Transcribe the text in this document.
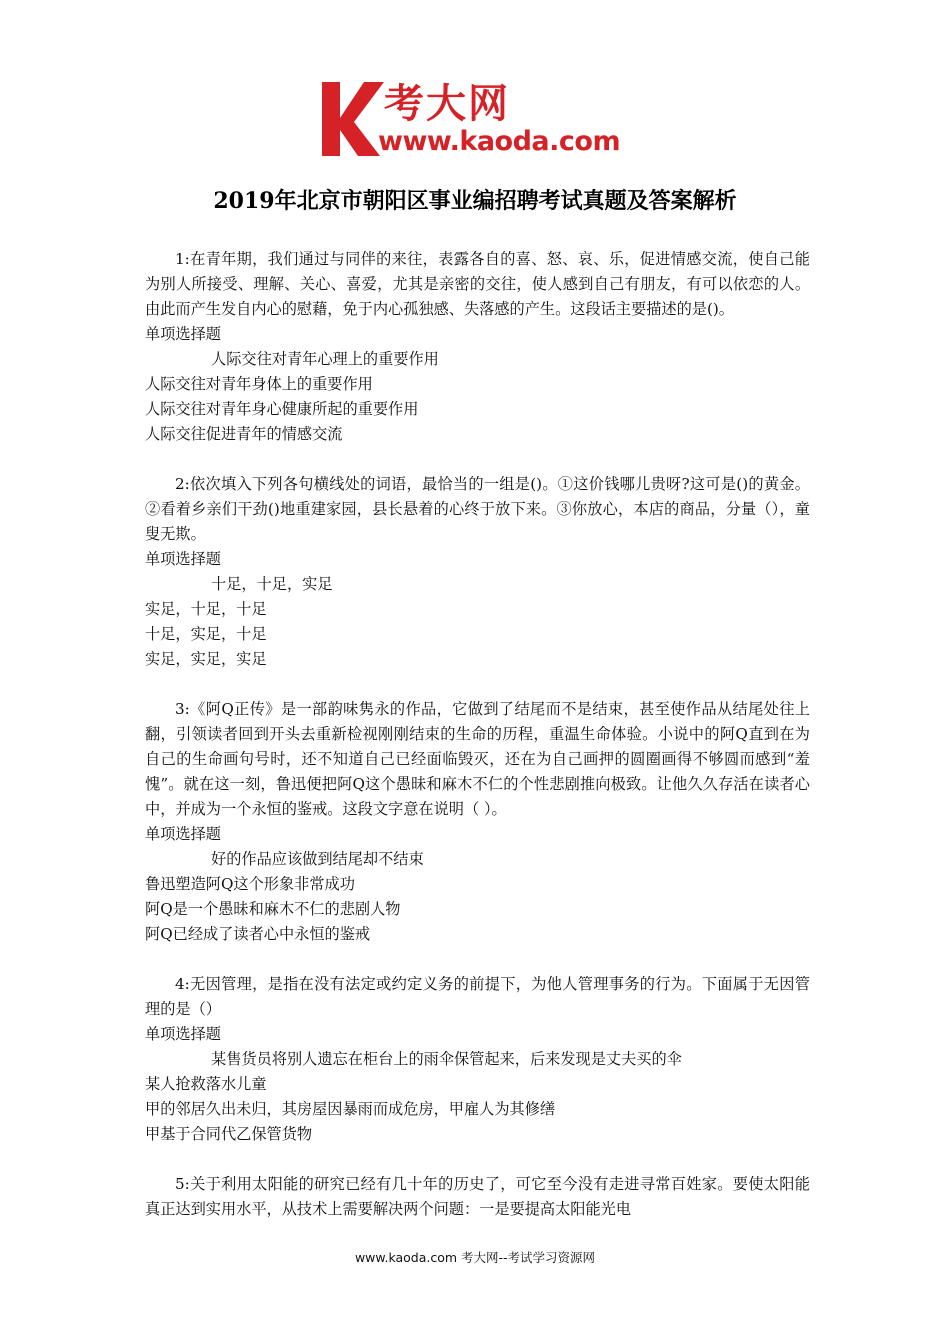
考大网
www.kaoda.com
2019年北京市朝阳区事业编招聘考试真题及答案解析
1:在青年期，我们通过与同伴的来往，表露各自的喜、怒、哀、乐，促进情感交流，使自己能为别人所接受、理解、关心、喜爱，尤其是亲密的交往，使人感到自己有朋友，有可以依恋的人。由此而产生发自内心的慰藉，免于内心孤独感、失落感的产生。这段话主要描述的是()。
单项选择题
人际交往对青年心理上的重要作用
人际交往对青年身体上的重要作用
人际交往对青年身心健康所起的重要作用
人际交往促进青年的情感交流
2:依次填入下列各句横线处的词语，最恰当的一组是()。①这价钱哪儿贵呀?这可是()的黄金。②看着乡亲们干劲()地重建家园，县长悬着的心终于放下来。③你放心，本店的商品，分量（），童叟无欺。
单项选择题
十足，十足，实足
实足，十足，十足
十足，实足，十足
实足，实足，实足
3:《阿Q正传》是一部韵味隽永的作品，它做到了结尾而不是结束，甚至使作品从结尾处往上翻，引领读者回到开头去重新检视刚刚结束的生命的历程，重温生命体验。小说中的阿Q直到在为自己的生命画句号时，还不知道自己已经面临毁灭，还在为自己画押的圆圈画得不够圆而感到“羞愧”。就在这一刻，鲁迅便把阿Q这个愚昧和麻木不仁的个性悲剧推向极致。让他久久存活在读者心中，并成为一个永恒的鉴戒。这段文字意在说明（ ）。
单项选择题
好的作品应该做到结尾却不结束
鲁迅塑造阿Q这个形象非常成功
阿Q是一个愚昧和麻木不仁的悲剧人物
阿Q已经成了读者心中永恒的鉴戒
4:无因管理，是指在没有法定或约定义务的前提下，为他人管理事务的行为。下面属于无因管理的是（）
单项选择题
某售货员将别人遗忘在柜台上的雨伞保管起来，后来发现是丈夫买的伞
某人抢救落水儿童
甲的邻居久出未归，其房屋因暴雨而成危房，甲雇人为其修缮
甲基于合同代乙保管货物
5:关于利用太阳能的研究已经有几十年的历史了，可它至今没有走进寻常百姓家。要使太阳能真正达到实用水平，从技术上需要解决两个问题：一是要提高太阳能光电
www.kaoda.com 考大网--考试学习资源网
